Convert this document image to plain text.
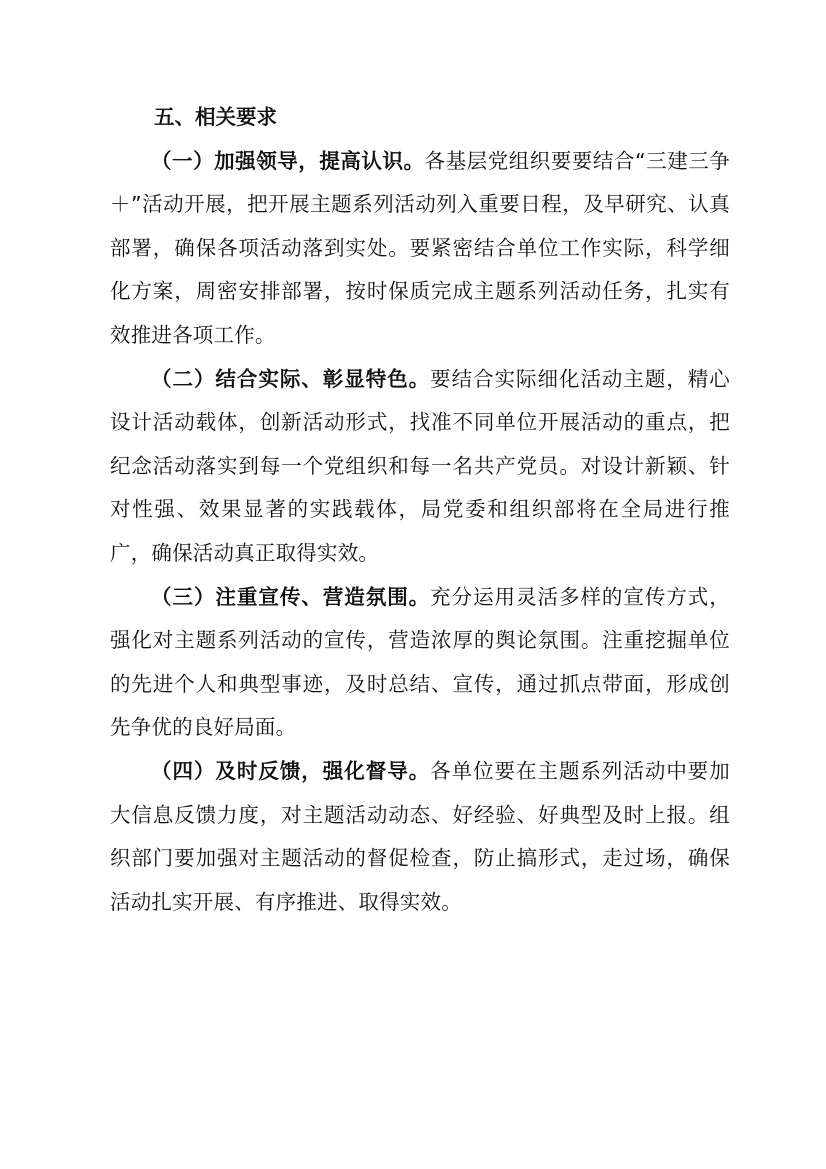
五、相关要求

（一）加强领导，提高认识。各基层党组织要要结合“三建三争＋”活动开展，把开展主题系列活动列入重要日程，及早研究、认真部署，确保各项活动落到实处。要紧密结合单位工作实际，科学细化方案，周密安排部署，按时保质完成主题系列活动任务，扎实有效推进各项工作。

（二）结合实际、彰显特色。要结合实际细化活动主题，精心设计活动载体，创新活动形式，找准不同单位开展活动的重点，把纪念活动落实到每一个党组织和每一名共产党员。对设计新颖、针对性强、效果显著的实践载体，局党委和组织部将在全局进行推广，确保活动真正取得实效。

（三）注重宣传、营造氛围。充分运用灵活多样的宣传方式，强化对主题系列活动的宣传，营造浓厚的舆论氛围。注重挖掘单位的先进个人和典型事迹，及时总结、宣传，通过抓点带面，形成创先争优的良好局面。

（四）及时反馈，强化督导。各单位要在主题系列活动中要加大信息反馈力度，对主题活动动态、好经验、好典型及时上报。组织部门要加强对主题活动的督促检查，防止搞形式，走过场，确保活动扎实开展、有序推进、取得实效。
